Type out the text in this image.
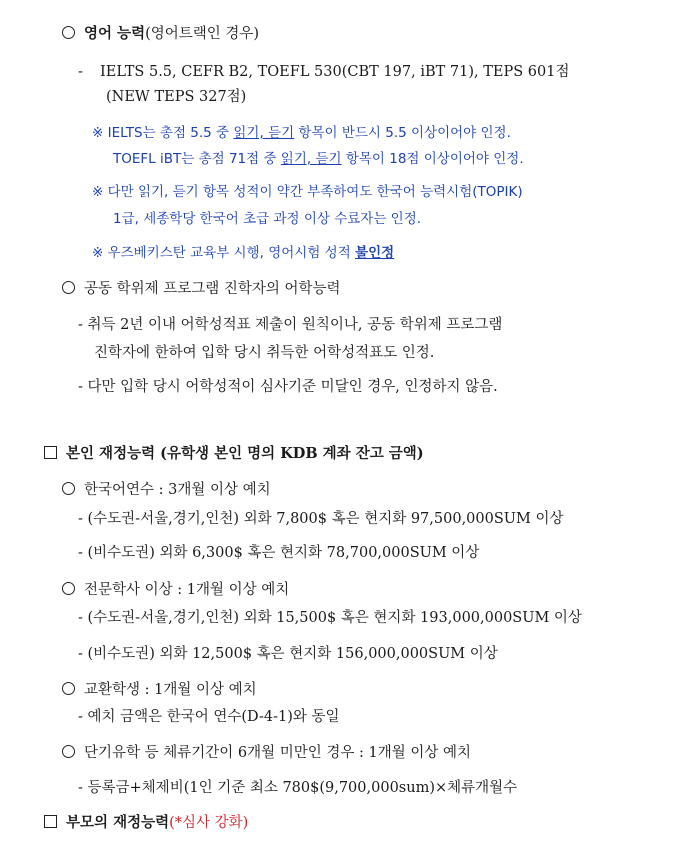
영어 능력(영어트랙인 경우)
- IELTS 5.5, CEFR B2, TOEFL 530(CBT 197, iBT 71), TEPS 601점
(NEW TEPS 327점)
※ IELTS는 총점 5.5 중 읽기, 듣기 항목이 반드시 5.5 이상이어야 인정.
TOEFL iBT는 총점 71점 중 읽기, 듣기 항목이 18점 이상이어야 인정.
※ 다만 읽기, 듣기 항목 성적이 약간 부족하여도 한국어 능력시험(TOPIK)
1급, 세종학당 한국어 초급 과정 이상 수료자는 인정.
※ 우즈베키스탄 교육부 시행, 영어시험 성적 불인정
공동 학위제 프로그램 진학자의 어학능력
- 취득 2년 이내 어학성적표 제출이 원칙이나, 공동 학위제 프로그램
진학자에 한하여 입학 당시 취득한 어학성적표도 인정.
- 다만 입학 당시 어학성적이 심사기준 미달인 경우, 인정하지 않음.
본인 재정능력 (유학생 본인 명의 KDB 계좌 잔고 금액)
한국어연수 : 3개월 이상 예치
- (수도권-서울,경기,인천) 외화 7,800$ 혹은 현지화 97,500,000SUM 이상
- (비수도권) 외화 6,300$ 혹은 현지화 78,700,000SUM 이상
전문학사 이상 : 1개월 이상 예치
- (수도권-서울,경기,인천) 외화 15,500$ 혹은 현지화 193,000,000SUM 이상
- (비수도권) 외화 12,500$ 혹은 현지화 156,000,000SUM 이상
교환학생 : 1개월 이상 예치
- 예치 금액은 한국어 연수(D-4-1)와 동일
단기유학 등 체류기간이 6개월 미만인 경우 : 1개월 이상 예치
- 등록금+체제비(1인 기준 최소 780$(9,700,000sum)×체류개월수
부모의 재정능력(*심사 강화)
